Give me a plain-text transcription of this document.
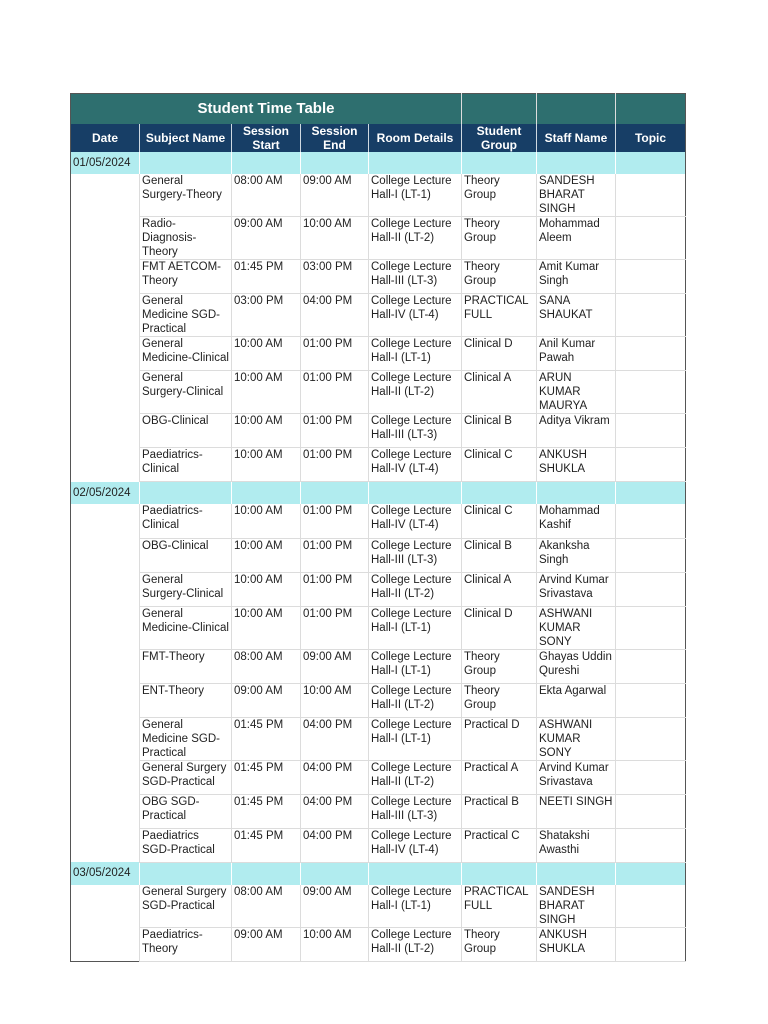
Student Time Table							
Date	Subject Name	Session Start	Session End	Room Details	Student Group	Staff Name	Topic
01/05/2024							
	General Surgery-Theory	08:00 AM	09:00 AM	College Lecture Hall-I (LT-1)	Theory Group	SANDESH BHARAT SINGH	
	Radio-Diagnosis-Theory	09:00 AM	10:00 AM	College Lecture Hall-II (LT-2)	Theory Group	Mohammad Aleem	
	FMT AETCOM-Theory	01:45 PM	03:00 PM	College Lecture Hall-III (LT-3)	Theory Group	Amit Kumar Singh	
	General Medicine SGD-Practical	03:00 PM	04:00 PM	College Lecture Hall-IV (LT-4)	PRACTICAL FULL	SANA SHAUKAT	
	General Medicine-Clinical	10:00 AM	01:00 PM	College Lecture Hall-I (LT-1)	Clinical D	Anil Kumar Pawah	
	General Surgery-Clinical	10:00 AM	01:00 PM	College Lecture Hall-II (LT-2)	Clinical A	ARUN KUMAR MAURYA	
	OBG-Clinical	10:00 AM	01:00 PM	College Lecture Hall-III (LT-3)	Clinical B	Aditya Vikram	
	Paediatrics-Clinical	10:00 AM	01:00 PM	College Lecture Hall-IV (LT-4)	Clinical C	ANKUSH SHUKLA	
02/05/2024							
	Paediatrics-Clinical	10:00 AM	01:00 PM	College Lecture Hall-IV (LT-4)	Clinical C	Mohammad Kashif	
	OBG-Clinical	10:00 AM	01:00 PM	College Lecture Hall-III (LT-3)	Clinical B	Akanksha Singh	
	General Surgery-Clinical	10:00 AM	01:00 PM	College Lecture Hall-II (LT-2)	Clinical A	Arvind Kumar Srivastava	
	General Medicine-Clinical	10:00 AM	01:00 PM	College Lecture Hall-I (LT-1)	Clinical D	ASHWANI KUMAR SONY	
	FMT-Theory	08:00 AM	09:00 AM	College Lecture Hall-I (LT-1)	Theory Group	Ghayas Uddin Qureshi	
	ENT-Theory	09:00 AM	10:00 AM	College Lecture Hall-II (LT-2)	Theory Group	Ekta Agarwal	
	General Medicine SGD-Practical	01:45 PM	04:00 PM	College Lecture Hall-I (LT-1)	Practical D	ASHWANI KUMAR SONY	
	General Surgery SGD-Practical	01:45 PM	04:00 PM	College Lecture Hall-II (LT-2)	Practical A	Arvind Kumar Srivastava	
	OBG SGD-Practical	01:45 PM	04:00 PM	College Lecture Hall-III (LT-3)	Practical B	NEETI SINGH	
	Paediatrics SGD-Practical	01:45 PM	04:00 PM	College Lecture Hall-IV (LT-4)	Practical C	Shatakshi Awasthi	
03/05/2024							
	General Surgery SGD-Practical	08:00 AM	09:00 AM	College Lecture Hall-I (LT-1)	PRACTICAL FULL	SANDESH BHARAT SINGH	
	Paediatrics-Theory	09:00 AM	10:00 AM	College Lecture Hall-II (LT-2)	Theory Group	ANKUSH SHUKLA	
